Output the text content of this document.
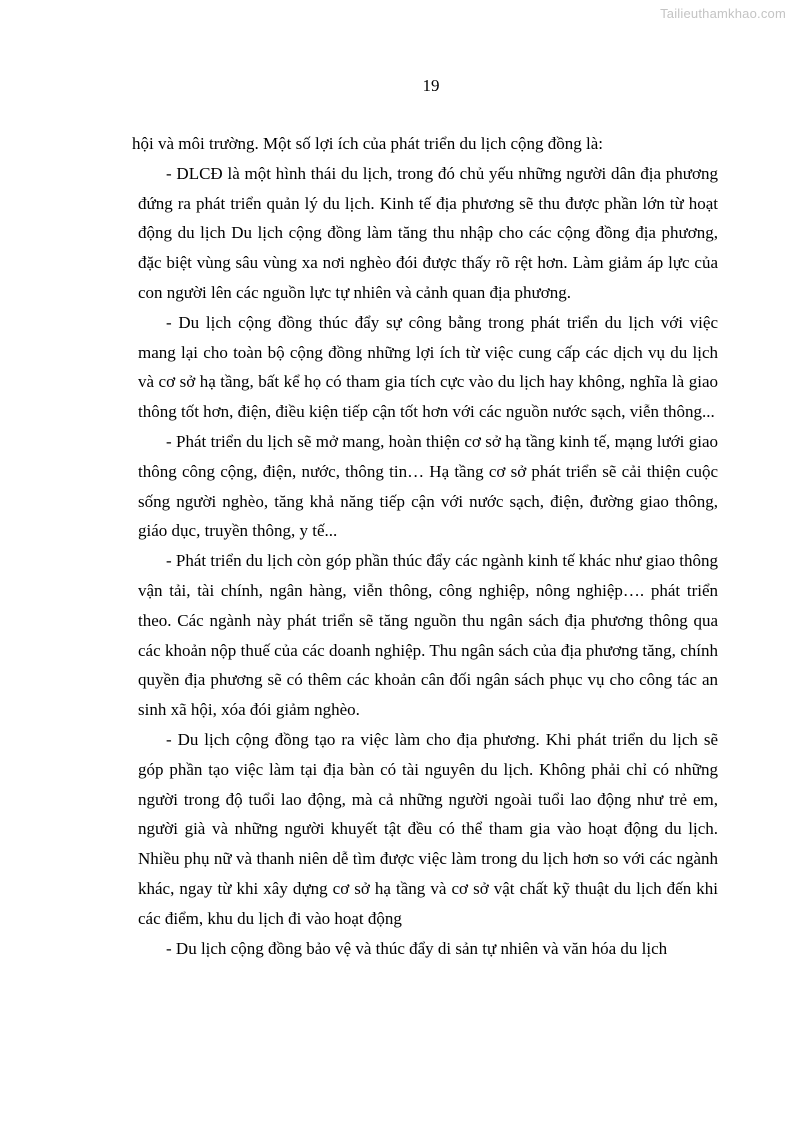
Tailieuthamkhao.com
19

hội và môi trường. Một số lợi ích của phát triển du lịch cộng đồng là:

- DLCĐ là một hình thái du lịch, trong đó chủ yếu những người dân địa phương đứng ra phát triển quản lý du lịch. Kinh tế địa phương sẽ thu được phần lớn từ hoạt động du lịch Du lịch cộng đồng làm tăng thu nhập cho các cộng đồng địa phương, đặc biệt vùng sâu vùng xa nơi nghèo đói được thấy rõ rệt hơn. Làm giảm áp lực của con người lên các nguồn lực tự nhiên và cảnh quan địa phương.

- Du lịch cộng đồng thúc đẩy sự công bằng trong phát triển du lịch với việc mang lại cho toàn bộ cộng đồng những lợi ích từ việc cung cấp các dịch vụ du lịch và cơ sở hạ tầng, bất kể họ có tham gia tích cực vào du lịch hay không, nghĩa là giao thông tốt hơn, điện, điều kiện tiếp cận tốt hơn với các nguồn nước sạch, viễn thông...

- Phát triển du lịch sẽ mở mang, hoàn thiện cơ sở hạ tầng kinh tế, mạng lưới giao thông công cộng, điện, nước, thông tin… Hạ tầng cơ sở phát triển sẽ cải thiện cuộc sống người nghèo, tăng khả năng tiếp cận với nước sạch, điện, đường giao thông, giáo dục, truyền thông, y tế...

- Phát triển du lịch còn góp phần thúc đẩy các ngành kinh tế khác như giao thông vận tải, tài chính, ngân hàng, viễn thông, công nghiệp, nông nghiệp…. phát triển theo. Các ngành này phát triển sẽ tăng nguồn thu ngân sách địa phương thông qua các khoản nộp thuế của các doanh nghiệp. Thu ngân sách của địa phương tăng, chính quyền địa phương sẽ có thêm các khoản cân đối ngân sách phục vụ cho công tác an sinh xã hội, xóa đói giảm nghèo.

- Du lịch cộng đồng tạo ra việc làm cho địa phương. Khi phát triển du lịch sẽ góp phần tạo việc làm tại địa bàn có tài nguyên du lịch. Không phải chỉ có những người trong độ tuổi lao động, mà cả những người ngoài tuổi lao động như trẻ em, người già và những người khuyết tật đều có thể tham gia vào hoạt động du lịch. Nhiều phụ nữ và thanh niên dễ tìm được việc làm trong du lịch hơn so với các ngành khác, ngay từ khi xây dựng cơ sở hạ tầng và cơ sở vật chất kỹ thuật du lịch đến khi các điểm, khu du lịch đi vào hoạt động

- Du lịch cộng đồng bảo vệ và thúc đẩy di sản tự nhiên và văn hóa du lịch
